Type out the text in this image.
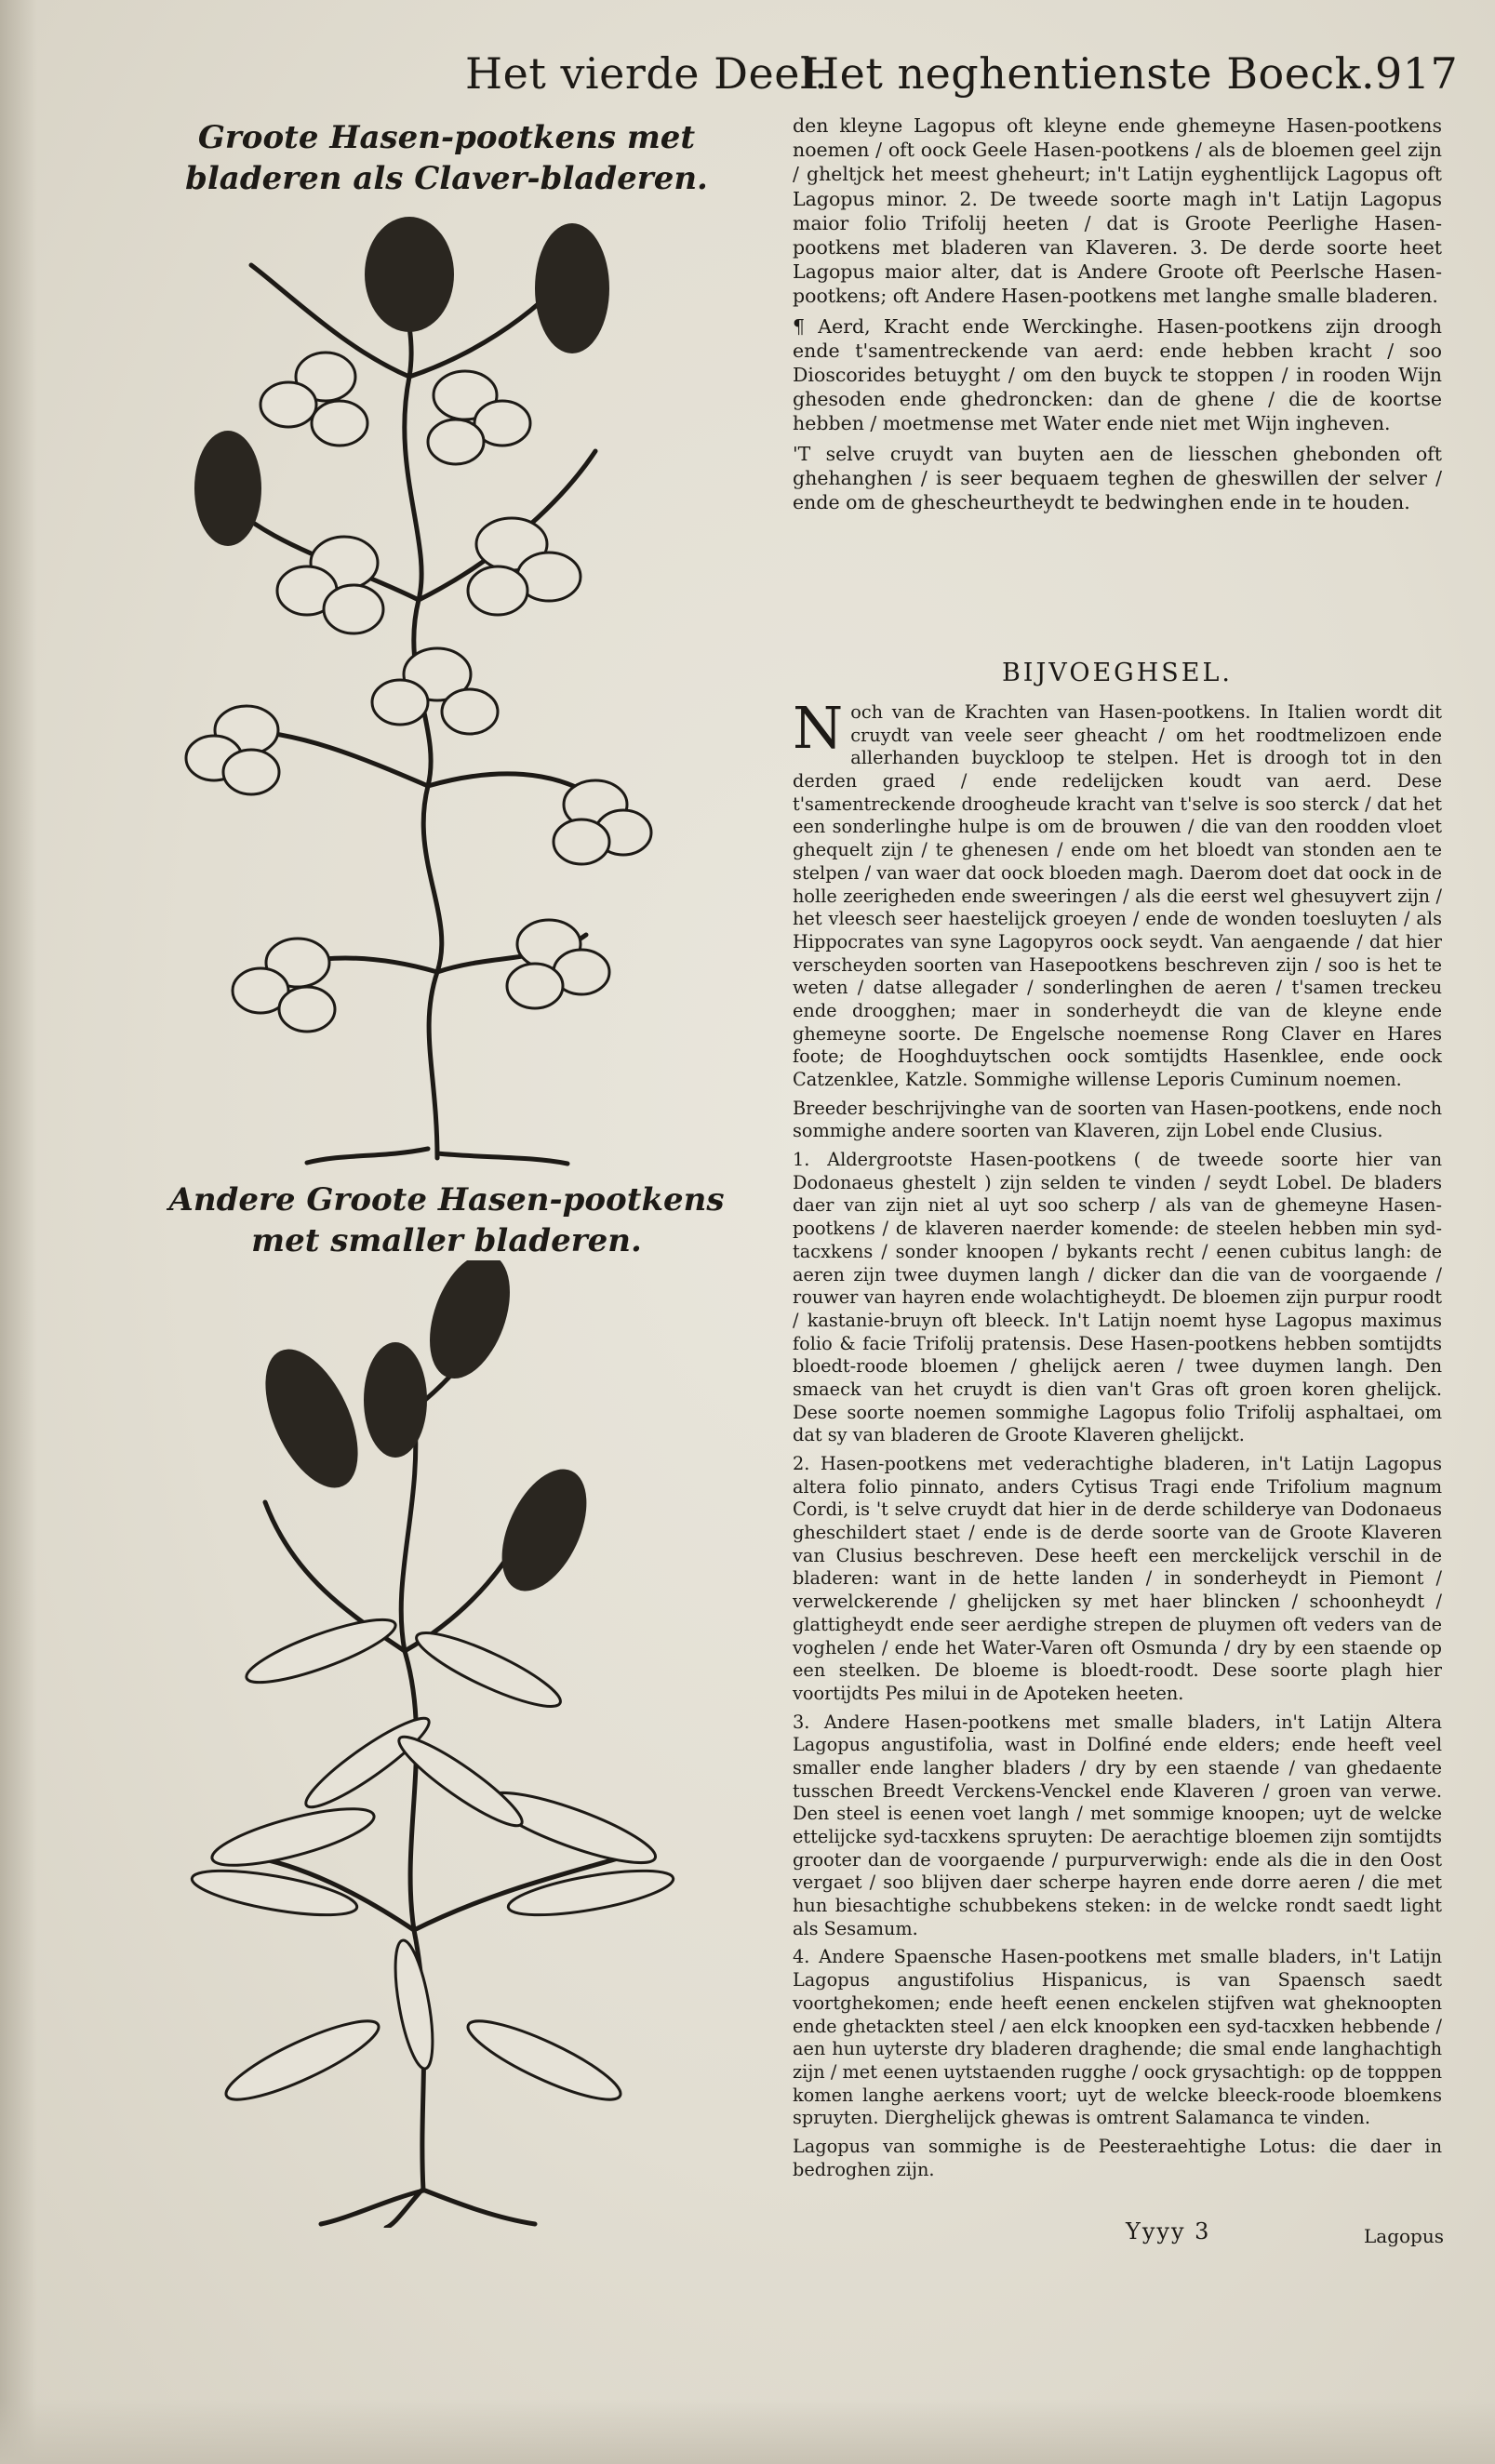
Het vierde Deel.
Het neghentienste Boeck. 917
Groote Hasen-pootkens met bladeren als Claver-bladeren.
Andere Groote Hasen-pootkens met smaller bladeren.

den kleyne Lagopus oft kleyne ende ghemeyne Hasen-pootkens noemen / oft oock Geele Hasen-pootkens / als de bloemen geel zijn / gheltjck het meest gheheurt; in't Latijn eyghentlijck Lagopus oft Lagopus minor. 2. De tweede soorte magh in't Latijn Lagopus maior folio Trifolij heeten / dat is Groote Peerlighe Hasen-pootkens met bladeren van Klaveren. 3. De derde soorte heet Lagopus maior alter, dat is Andere Groote oft Peerlsche Hasen-pootkens; oft Andere Hasen-pootkens met langhe smalle bladeren.

¶ Aerd, Kracht ende Werckinghe. Hasen-pootkens zijn droogh ende t'samentreckende van aerd: ende hebben kracht / soo Dioscorides betuyght / om den buyck te stoppen / in rooden Wijn ghesoden ende ghedroncken: dan de ghene / die de koortse hebben / moetmense met Water ende niet met Wijn ingheven.

'T selve cruydt van buyten aen de liesschen ghebonden oft ghehanghen / is seer bequaem teghen de gheswillen der selver / ende om de ghescheurtheydt te bedwinghen ende in te houden.

BIJVOEGHSEL.

Noch van de Krachten van Hasen-pootkens. In Italien wordt dit cruydt van veele seer gheacht / om het roodtmelizoen ende allerhanden buyckloop te stelpen. Het is droogh tot in den derden graed / ende redelijcken koudt van aerd. Dese t'samentreckende droogheude kracht van t'selve is soo sterck / dat het een sonderlinghe hulpe is om de brouwen / die van den roodden vloet ghequelt zijn / te ghenesen / ende om het bloedt van stonden aen te stelpen / van waer dat oock bloeden magh. Daerom doet dat oock in de holle zeerigheden ende sweeringen / als die eerst wel ghesuyvert zijn / het vleesch seer haestelijck groeyen / ende de wonden toesluyten / als Hippocrates van syne Lagopyros oock seydt. Van aengaende / dat hier verscheyden soorten van Hasepootkens beschreven zijn / soo is het te weten / datse allegader / sonderlinghen de aeren / t'samen treckeu ende droogghen; maer in sonderheydt die van de kleyne ende ghemeyne soorte. De Engelsche noemense Rong Claver en Hares foote; de Hooghduytschen oock somtijdts Hasenklee, ende oock Catzenklee, Katzle. Sommighe willense Leporis Cuminum noemen.

Breeder beschrijvinghe van de soorten van Hasen-pootkens, ende noch sommighe andere soorten van Klaveren, zijn Lobel ende Clusius.

1. Aldergrootste Hasen-pootkens ( de tweede soorte hier van Dodonaeus ghestelt ) zijn selden te vinden / seydt Lobel. De bladers daer van zijn niet al uyt soo scherp / als van de ghemeyne Hasen-pootkens / de klaveren naerder komende: de steelen hebben min syd-tacxkens / sonder knoopen / bykants recht / eenen cubitus langh: de aeren zijn twee duymen langh / dicker dan die van de voorgaende / rouwer van hayren ende wolachtigheydt. De bloemen zijn purpur roodt / kastanie-bruyn oft bleeck. In't Latijn noemt hyse Lagopus maximus folio & facie Trifolij pratensis. Dese Hasen-pootkens hebben somtijdts bloedt-roode bloemen / ghelijck aeren / twee duymen langh. Den smaeck van het cruydt is dien van't Gras oft groen koren ghelijck. Dese soorte noemen sommighe Lagopus folio Trifolij asphaltaei, om dat sy van bladeren de Groote Klaveren ghelijckt.

2. Hasen-pootkens met vederachtighe bladeren, in't Latijn Lagopus altera folio pinnato, anders Cytisus Tragi ende Trifolium magnum Cordi, is 't selve cruydt dat hier in de derde schilderye van Dodonaeus gheschildert staet / ende is de derde soorte van de Groote Klaveren van Clusius beschreven. Dese heeft een merckelijck verschil in de bladeren: want in de hette landen / in sonderheydt in Piemont / verwelckerende / ghelijcken sy met haer blincken / schoonheydt / glattigheydt ende seer aerdighe strepen de pluymen oft veders van de voghelen / ende het Water-Varen oft Osmunda / dry by een staende op een steelken. De bloeme is bloedt-roodt. Dese soorte plagh hier voortijdts Pes milui in de Apoteken heeten.

3. Andere Hasen-pootkens met smalle bladers, in't Latijn Altera Lagopus angustifolia, wast in Dolfiné ende elders; ende heeft veel smaller ende langher bladers / dry by een staende / van ghedaente tusschen Breedt Verckens-Venckel ende Klaveren / groen van verwe. Den steel is eenen voet langh / met sommige knoopen; uyt de welcke ettelijcke syd-tacxkens spruyten: De aerachtige bloemen zijn somtijdts grooter dan de voorgaende / purpurverwigh: ende als die in den Oost vergaet / soo blijven daer scherpe hayren ende dorre aeren / die met hun biesachtighe schubbekens steken: in de welcke rondt saedt light als Sesamum.

4. Andere Spaensche Hasen-pootkens met smalle bladers, in't Latijn Lagopus angustifolius Hispanicus, is van Spaensch saedt voortghekomen; ende heeft eenen enckelen stijfven wat gheknoopten ende ghetackten steel / aen elck knoopken een syd-tacxken hebbende / aen hun uyterste dry bladeren draghende; die smal ende langhachtigh zijn / met eenen uytstaenden rugghe / oock grysachtigh: op de topppen komen langhe aerkens voort; uyt de welcke bleeck-roode bloemkens spruyten. Dierghelijck ghewas is omtrent Salamanca te vinden.

Lagopus van sommighe is de Peesteraehtighe Lotus: die daer in bedroghen zijn.

Yyyy 3	Lagopus
